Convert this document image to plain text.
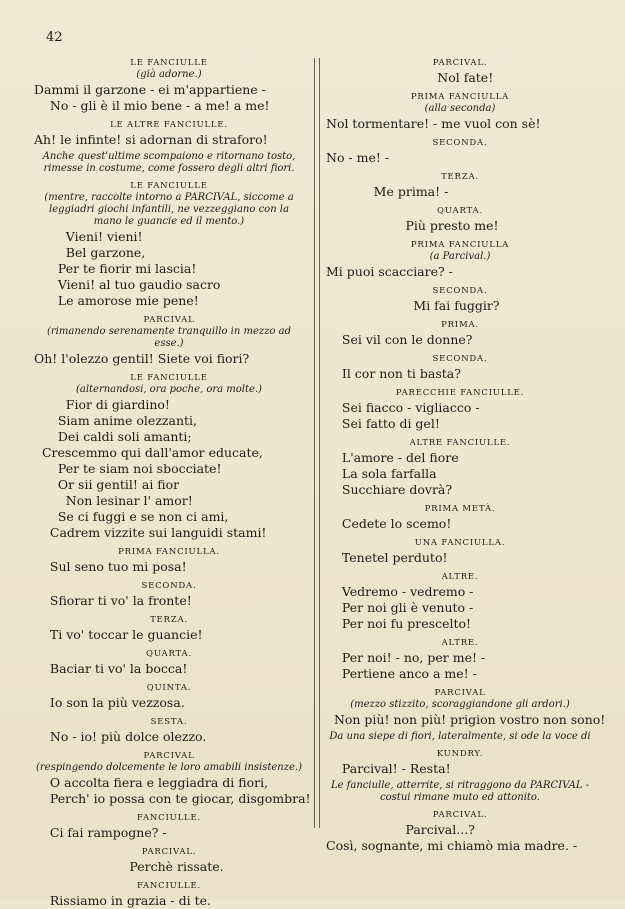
42
LE FANCIULLE
(già adorne.)
Dammi il garzone - ei m'appartiene -
No - gli è il mio bene - a me! a me!
LE ALTRE FANCIULLE.
Ah! le infinte! si adornan di straforo!
Anche quest'ultime scompaiono e ritornano tosto, rimesse in costume, come fossero degli altri fiori.
LE FANCIULLE
(mentre, raccolte intorno a PARCIVAL, siccome a leggiadri giochi infantili, ne vezzeggiano con la mano le guancie ed il mento.)
Vieni! vieni!
Bel garzone,
Per te fiorir mi lascia!
Vieni! al tuo gaudio sacro
Le amorose mie pene!
PARCIVAL
(rimanendo serenamente tranquillo in mezzo ad esse.)
Oh! l'olezzo gentil! Siete voi fiori?
LE FANCIULLE
(alternandosi, ora poche, ora molte.)
Fior di giardino!
Siam anime olezzanti,
Dei caldi soli amanti;
Crescemmo qui dall'amor educate,
Per te siam noi sbocciate!
Or sii gentil! ai fior
Non lesinar l' amor!
Se ci fuggi e se non ci ami,
Cadrem vizzite sui languidi stami!
PRIMA FANCIULLA.
Sul seno tuo mi posa!
SECONDA.
Sfiorar ti vo' la fronte!
TERZA.
Ti vo' toccar le guancie!
QUARTA.
Baciar ti vo' la bocca!
QUINTA.
Io son la più vezzosa.
SESTA.
No - io! più dolce olezzo.
PARCIVAL
(respingendo dolcemente le loro amabili insistenze.)
O accolta fiera e leggiadra di fiori,
Perch' io possa con te giocar, disgombra!
FANCIULLE.
Ci fai rampogne? -
PARCIVAL.
Perchè rissate.
FANCIULLE.
Rissiamo in grazia - di te.
PARCIVAL.
Nol fate!
PRIMA FANCIULLA
(alla seconda)
Nol tormentare! - me vuol con sè!
SECONDA.
No - me! -
TERZA.
Me prima! -
QUARTA.
Più presto me!
PRIMA FANCIULLA
(a Parcival.)
Mi puoi scacciare? -
SECONDA.
Mi fai fuggir?
PRIMA.
Sei vil con le donne?
SECONDA.
Il cor non ti basta?
PARECCHIE FANCIULLE.
Sei fiacco - vigliacco -
Sei fatto di gel!
ALTRE FANCIULLE.
L'amore - del fiore
La sola farfalla
Succhiare dovrà?
PRIMA METÀ.
Cedete lo scemo!
UNA FANCIULLA.
Tenetel perduto!
ALTRE.
Vedremo - vedremo -
Per noi gli è venuto -
Per noi fu prescelto!
ALTRE.
Per noi! - no, per me! -
Pertiene anco a me! -
PARCIVAL
(mezzo stizzito, scoraggiandone gli ardori.)
Non più! non più! prigion vostro non sono!
Da una siepe di fiori, lateralmente, si ode la voce di
KUNDRY.
Parcival! - Resta!
Le fanciulle, atterrite, si ritraggono da PARCIVAL - costui rimane muto ed attonito.
PARCIVAL.
Parcival...?
Così, sognante, mi chiamò mia madre. -
